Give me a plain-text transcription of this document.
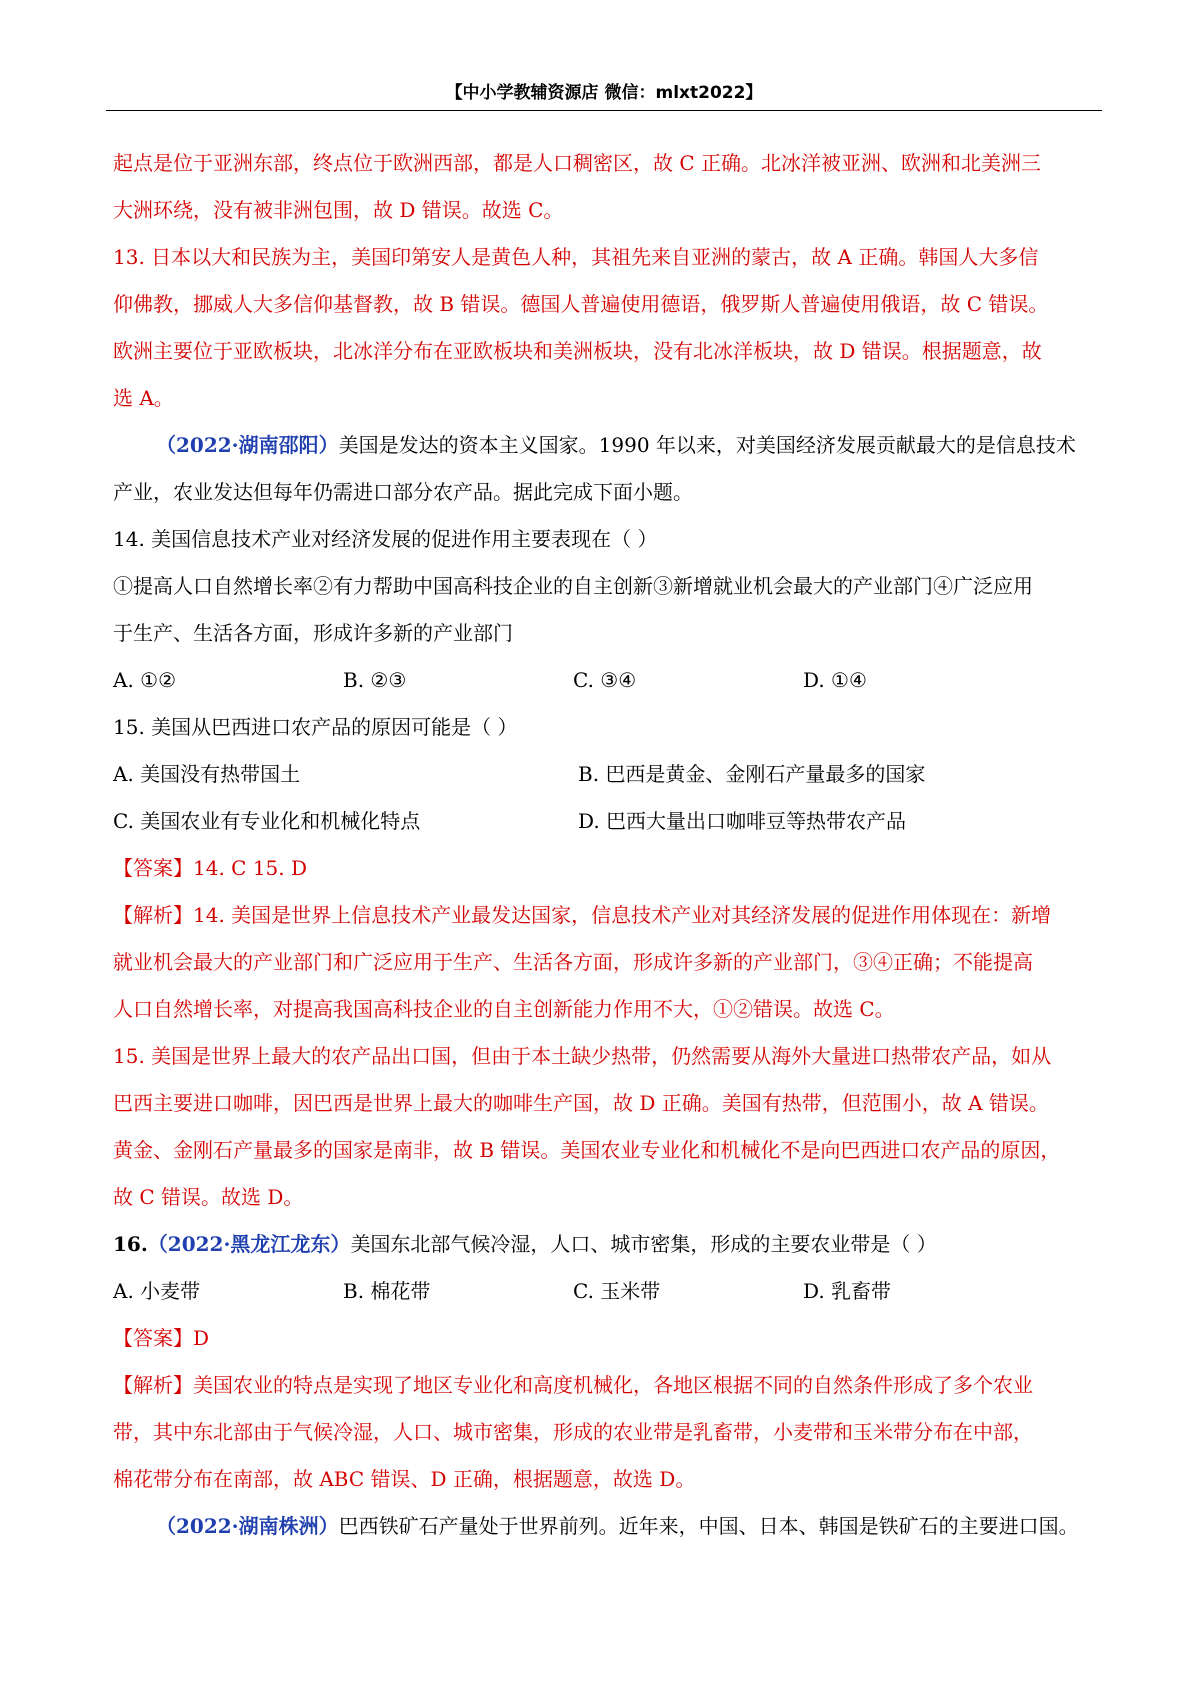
【中小学教辅资源店 微信：mlxt2022】

起点是位于亚洲东部，终点位于欧洲西部，都是人口稠密区，故 C 正确。北冰洋被亚洲、欧洲和北美洲三
大洲环绕，没有被非洲包围，故 D 错误。故选 C。

13. 日本以大和民族为主，美国印第安人是黄色人种，其祖先来自亚洲的蒙古，故 A 正确。韩国人大多信
仰佛教，挪威人大多信仰基督教，故 B 错误。德国人普遍使用德语，俄罗斯人普遍使用俄语，故 C 错误。
欧洲主要位于亚欧板块，北冰洋分布在亚欧板块和美洲板块，没有北冰洋板块，故 D 错误。根据题意，故
选 A。

（2022·湖南邵阳）美国是发达的资本主义国家。1990 年以来，对美国经济发展贡献最大的是信息技术

产业，农业发达但每年仍需进口部分农产品。据此完成下面小题。

14. 美国信息技术产业对经济发展的促进作用主要表现在（ ）

①提高人口自然增长率②有力帮助中国高科技企业的自主创新③新增就业机会最大的产业部门④广泛应用
于生产、生活各方面，形成许多新的产业部门

A. ①②	B. ②③	C. ③④	D. ①④

15. 美国从巴西进口农产品的原因可能是（ ）

A. 美国没有热带国土	B. 巴西是黄金、金刚石产量最多的国家

C. 美国农业有专业化和机械化特点	D. 巴西大量出口咖啡豆等热带农产品

【答案】14. C 15. D

【解析】14. 美国是世界上信息技术产业最发达国家，信息技术产业对其经济发展的促进作用体现在：新增
就业机会最大的产业部门和广泛应用于生产、生活各方面，形成许多新的产业部门，③④正确；不能提高
人口自然增长率，对提高我国高科技企业的自主创新能力作用不大，①②错误。故选 C。

15. 美国是世界上最大的农产品出口国，但由于本土缺少热带，仍然需要从海外大量进口热带农产品，如从
巴西主要进口咖啡，因巴西是世界上最大的咖啡生产国，故 D 正确。美国有热带，但范围小，故 A 错误。
黄金、金刚石产量最多的国家是南非，故 B 错误。美国农业专业化和机械化不是向巴西进口农产品的原因，
故 C 错误。故选 D。

16.（2022·黑龙江龙东）美国东北部气候冷湿，人口、城市密集，形成的主要农业带是（ ）

A. 小麦带	B. 棉花带	C. 玉米带	D. 乳畜带

【答案】D

【解析】美国农业的特点是实现了地区专业化和高度机械化，各地区根据不同的自然条件形成了多个农业
带，其中东北部由于气候冷湿，人口、城市密集，形成的农业带是乳畜带，小麦带和玉米带分布在中部，
棉花带分布在南部，故 ABC 错误、D 正确，根据题意，故选 D。

（2022·湖南株洲）巴西铁矿石产量处于世界前列。近年来，中国、日本、韩国是铁矿石的主要进口国。
